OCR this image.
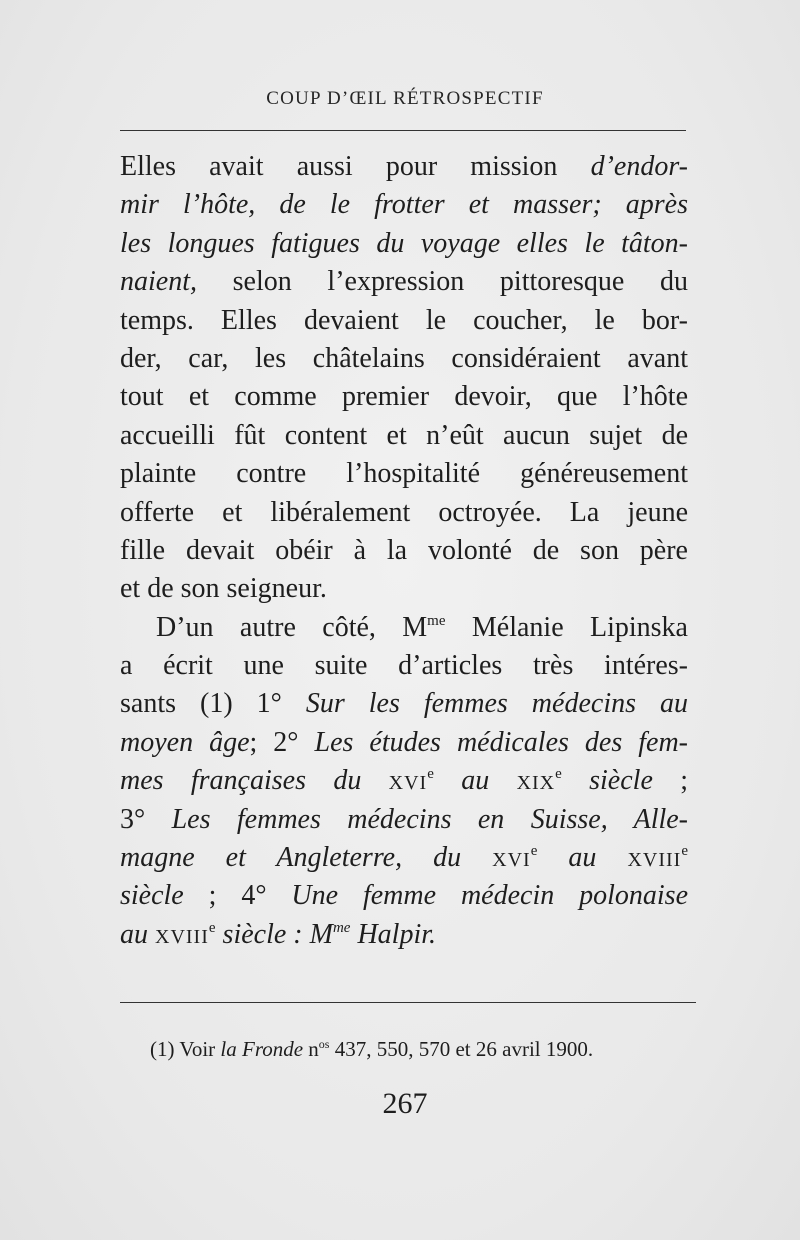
COUP D’ŒIL RÉTROSPECTIF
Elles avait aussi pour mission d’endor-
mir l’hôte, de le frotter et masser; après
les longues fatigues du voyage elles le tâton-
naient, selon l’expression pittoresque du
temps. Elles devaient le coucher, le bor-
der, car, les châtelains considéraient avant
tout et comme premier devoir, que l’hôte
accueilli fût content et n’eût aucun sujet de
plainte contre l’hospitalité généreusement
offerte et libéralement octroyée. La jeune
fille devait obéir à la volonté de son père
et de son seigneur.
D’un autre côté, $M^{me}$ Mélanie Lipinska
a écrit une suite d’articles très intéres-
sants (1) 1° Sur les femmes médecins au
moyen âge; 2° Les études médicales des fem-
mes françaises du xvi$^e$ au xix$^e$ siècle ;
3° Les femmes médecins en Suisse, Alle-
magne et Angleterre, du xvi$^e$ au xviii$^e$
siècle ; 4° Une femme médecin polonaise
au xviii$^e$ siècle : $M^{me}$ Halpir.
(1) Voir la Fronde $n^{os}$ 437, 550, 570 et 26 avril 1900.
267
